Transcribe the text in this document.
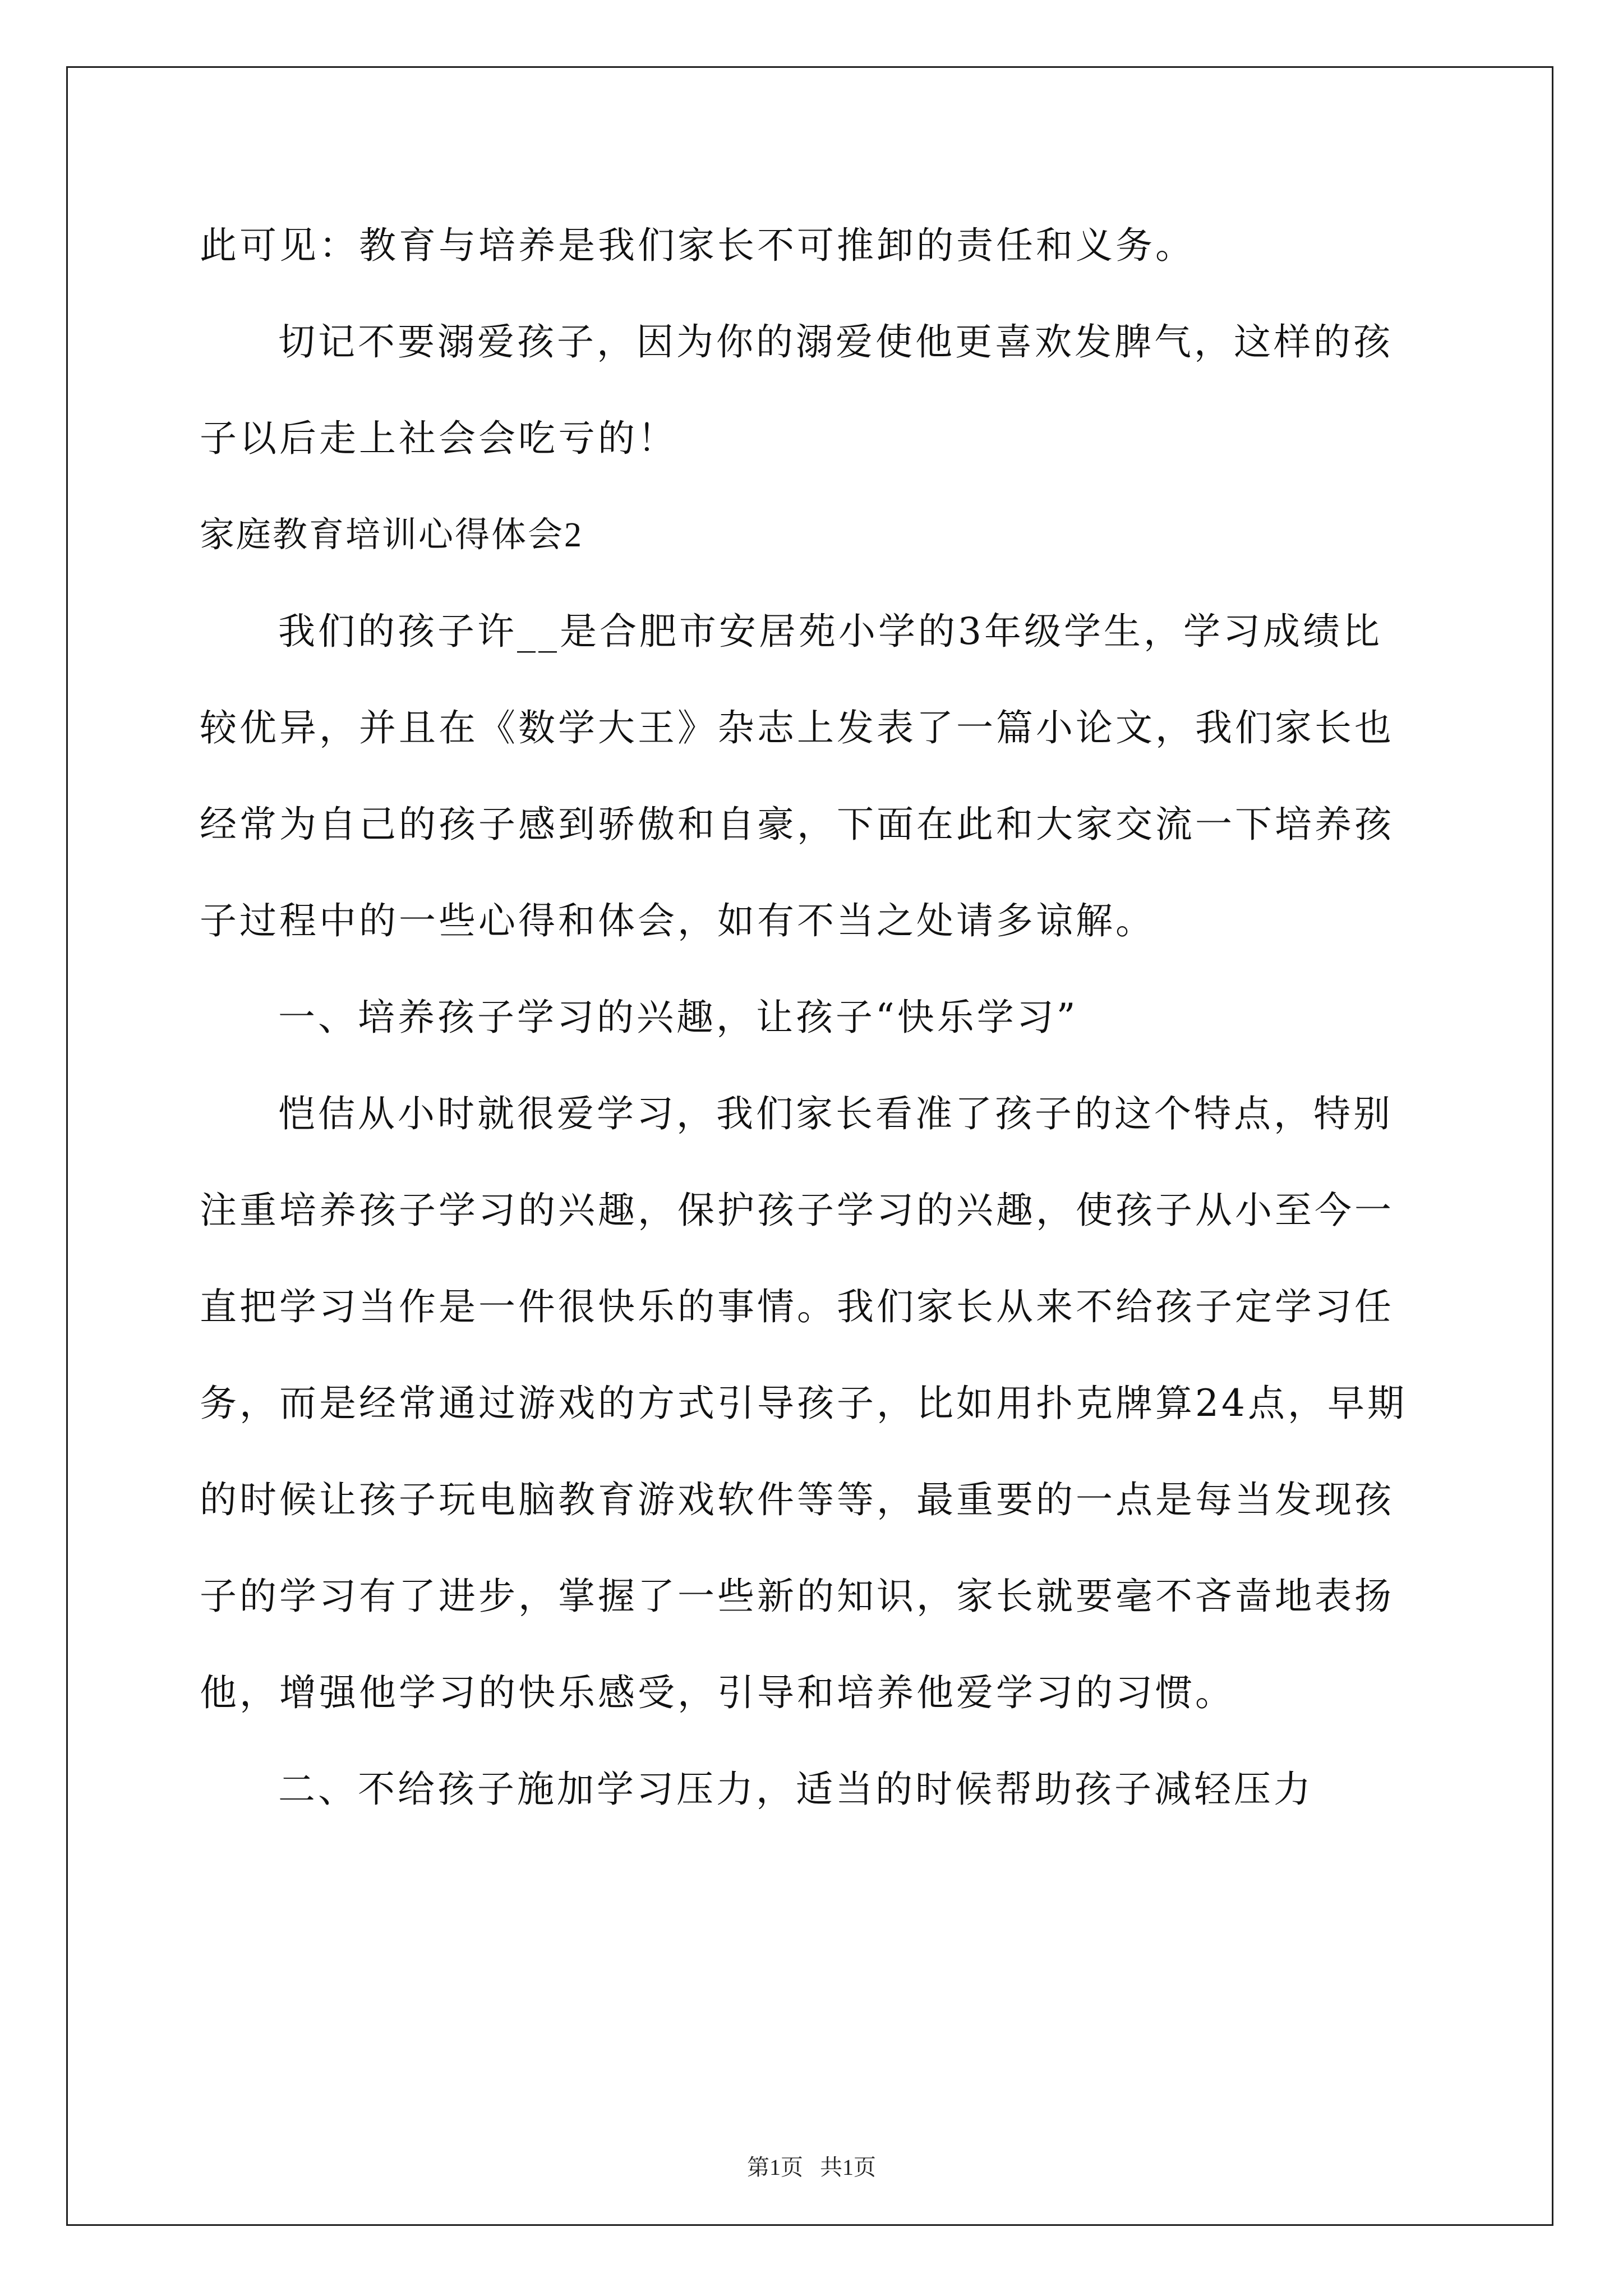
此可见：教育与培养是我们家长不可推卸的责任和义务。
切记不要溺爱孩子，因为你的溺爱使他更喜欢发脾气，这样的孩
子以后走上社会会吃亏的！
家庭教育培训心得体会2
我们的孩子许__是合肥市安居苑小学的3年级学生，学习成绩比
较优异，并且在《数学大王》杂志上发表了一篇小论文，我们家长也
经常为自己的孩子感到骄傲和自豪，下面在此和大家交流一下培养孩
子过程中的一些心得和体会，如有不当之处请多谅解。
一、培养孩子学习的兴趣，让孩子“快乐学习”
恺佶从小时就很爱学习，我们家长看准了孩子的这个特点，特别
注重培养孩子学习的兴趣，保护孩子学习的兴趣，使孩子从小至今一
直把学习当作是一件很快乐的事情。我们家长从来不给孩子定学习任
务，而是经常通过游戏的方式引导孩子，比如用扑克牌算24点，早期
的时候让孩子玩电脑教育游戏软件等等，最重要的一点是每当发现孩
子的学习有了进步，掌握了一些新的知识，家长就要毫不吝啬地表扬
他，增强他学习的快乐感受，引导和培养他爱学习的习惯。
二、不给孩子施加学习压力，适当的时候帮助孩子减轻压力
第1页 共1页
